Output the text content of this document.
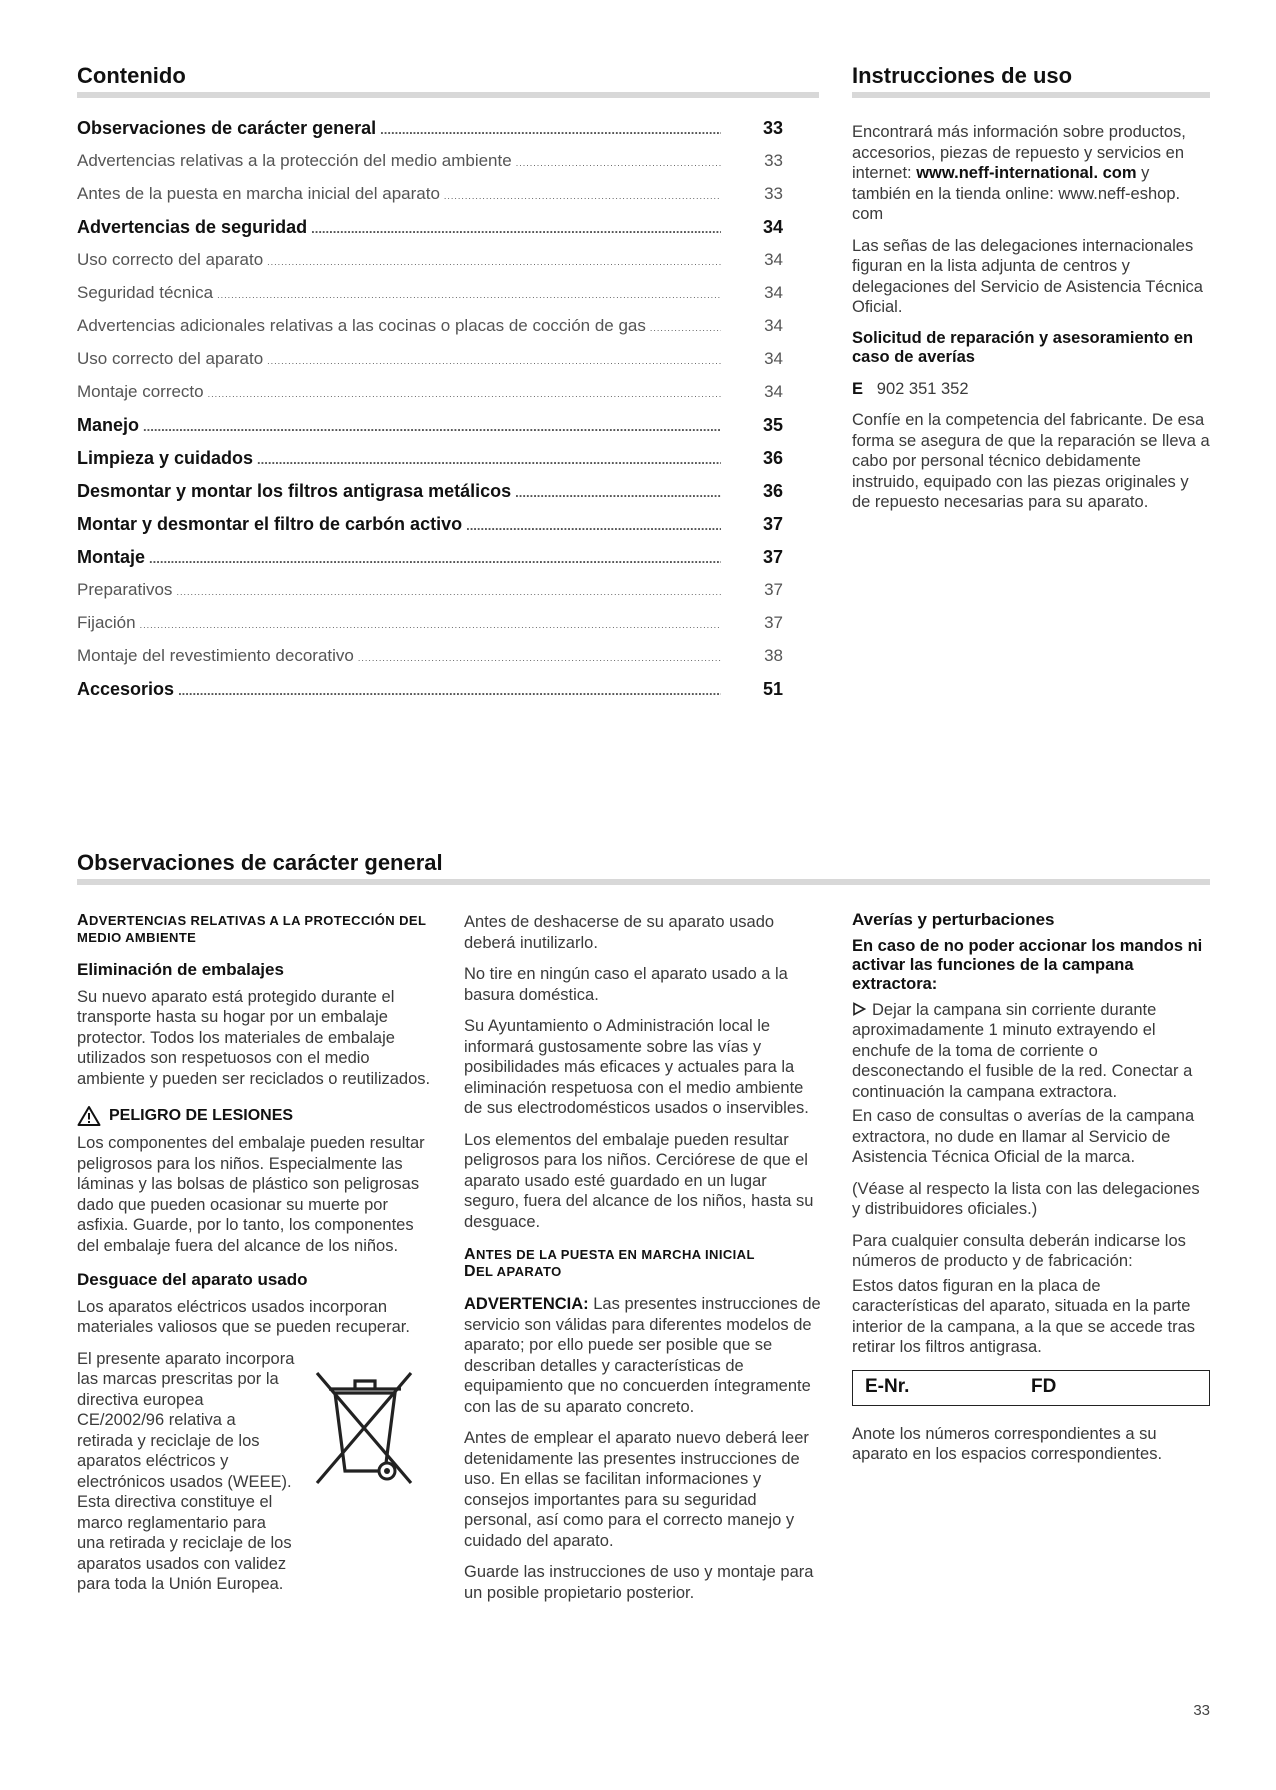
Contenido
Observaciones de carácter general .....	33
Advertencias relativas a la protección del medio ambiente .....	33
Antes de la puesta en marcha inicial del aparato .....	33
Advertencias de seguridad .....	34
Uso correcto del aparato .....	34
Seguridad técnica .....	34
Advertencias adicionales relativas a las cocinas o placas de cocción de gas .....	34
Uso correcto del aparato .....	34
Montaje correcto .....	34
Manejo .....	35
Limpieza y cuidados .....	36
Desmontar y montar los filtros antigrasa metálicos .....	36
Montar y desmontar el filtro de carbón activo .....	37
Montaje .....	37
Preparativos .....	37
Fijación .....	37
Montaje del revestimiento decorativo .....	38
Accesorios .....	51
Instrucciones de uso

Encontrará más información sobre productos, accesorios, piezas de repuesto y servicios en internet: www.neff-international. com y también en la tienda online: www.neff-eshop. com

Las señas de las delegaciones internacionales figuran en la lista adjunta de centros y delegaciones del Servicio de Asistencia Técnica Oficial.

Solicitud de reparación y asesoramiento en caso de averías

E 902 351 352

Confíe en la competencia del fabricante. De esa forma se asegura de que la reparación se lleva a cabo por personal técnico debidamente instruido, equipado con las piezas originales y de repuesto necesarias para su aparato.

Observaciones de carácter general

ADVERTENCIAS RELATIVAS A LA PROTECCIÓN DEL MEDIO AMBIENTE

Eliminación de embalajes

Su nuevo aparato está protegido durante el transporte hasta su hogar por un embalaje protector. Todos los materiales de embalaje utilizados son respetuosos con el medio ambiente y pueden ser reciclados o reutilizados.

PELIGRO DE LESIONES

Los componentes del embalaje pueden resultar peligrosos para los niños. Especialmente las láminas y las bolsas de plástico son peligrosas dado que pueden ocasionar su muerte por asfixia. Guarde, por lo tanto, los componentes del embalaje fuera del alcance de los niños.

Desguace del aparato usado

Los aparatos eléctricos usados incorporan materiales valiosos que se pueden recuperar.

El presente aparato incorpora las marcas prescritas por la directiva europea CE/2002/96 relativa a retirada y reciclaje de los aparatos eléctricos y electrónicos usados (WEEE). Esta directiva constituye el marco reglamentario para una retirada y reciclaje de los aparatos usados con validez para toda la Unión Europea.

Antes de deshacerse de su aparato usado deberá inutilizarlo.

No tire en ningún caso el aparato usado a la basura doméstica.

Su Ayuntamiento o Administración local le informará gustosamente sobre las vías y posibilidades más eficaces y actuales para la eliminación respetuosa con el medio ambiente de sus electrodomésticos usados o inservibles.

Los elementos del embalaje pueden resultar peligrosos para los niños. Cerciórese de que el aparato usado esté guardado en un lugar seguro, fuera del alcance de los niños, hasta su desguace.

ANTES DE LA PUESTA EN MARCHA INICIAL
DEL APARATO

ADVERTENCIA: Las presentes instrucciones de servicio son válidas para diferentes modelos de aparato; por ello puede ser posible que se describan detalles y características de equipamiento que no concuerden íntegramente con las de su aparato concreto.

Antes de emplear el aparato nuevo deberá leer detenidamente las presentes instrucciones de uso. En ellas se facilitan informaciones y consejos importantes para su seguridad personal, así como para el correcto manejo y cuidado del aparato.

Guarde las instrucciones de uso y montaje para un posible propietario posterior.

Averías y perturbaciones

En caso de no poder accionar los mandos ni activar las funciones de la campana extractora:

Dejar la campana sin corriente durante aproximadamente 1 minuto extrayendo el enchufe de la toma de corriente o desconectando el fusible de la red. Conectar a continuación la campana extractora.

En caso de consultas o averías de la campana extractora, no dude en llamar al Servicio de Asistencia Técnica Oficial de la marca.

(Véase al respecto la lista con las delegaciones y distribuidores oficiales.)

Para cualquier consulta deberán indicarse los números de producto y de fabricación:

Estos datos figuran en la placa de características del aparato, situada en la parte interior de la campana, a la que se accede tras retirar los filtros antigrasa.

E-Nr.	FD

Anote los números correspondientes a su aparato en los espacios correspondientes.

33
